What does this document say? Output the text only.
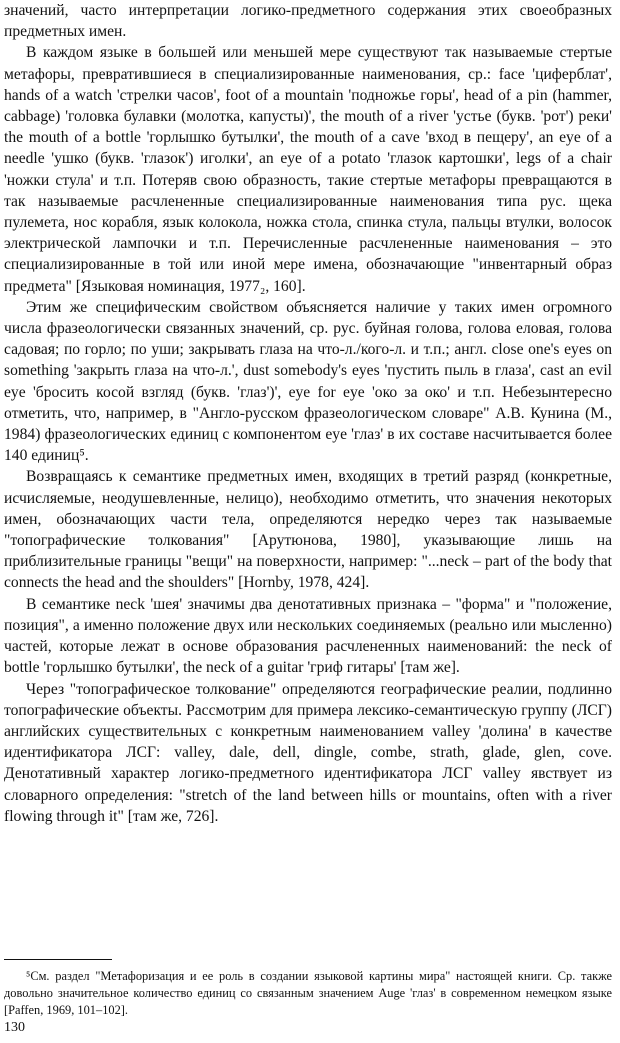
значений, часто интерпретации логико-предметного содержания этих своеобразных предметных имен.

В каждом языке в большей или меньшей мере существуют так называемые стертые метафоры, превратившиеся в специализированные наименования, ср.: face 'циферблат', hands of a watch 'стрелки часов', foot of a mountain 'подножье горы', head of a pin (hammer, cabbage) 'головка булавки (молотка, капусты)', the mouth of a river 'устье (букв. 'рот') реки' the mouth of a bottle 'горлышко бутылки', the mouth of a cave 'вход в пещеру', an eye of a needle 'ушко (букв. 'глазок') иголки', an eye of a potato 'глазок картошки', legs of a chair 'ножки стула' и т.п. Потеряв свою образность, такие стертые метафоры превращаются в так называемые расчлененные специализированные наименования типа рус. щека пулемета, нос корабля, язык колокола, ножка стола, спинка стула, пальцы втулки, волосок электрической лампочки и т.п. Перечисленные расчлененные наименования – это специализированные в той или иной мере имена, обозначающие "инвентарный образ предмета" [Языковая номинация, 1977₂, 160].

Этим же специфическим свойством объясняется наличие у таких имен огромного числа фразеологически связанных значений, ср. рус. буйная голова, голова еловая, голова садовая; по горло; по уши; закрывать глаза на что-л./кого-л. и т.п.; англ. close one's eyes on something 'закрыть глаза на что-л.', dust somebody's eyes 'пустить пыль в глаза', cast an evil eye 'бросить косой взгляд (букв. 'глаз')', eye for eye 'око за око' и т.п. Небезынтересно отметить, что, например, в "Англо-русском фразеологическом словаре" А.В. Кунина (М., 1984) фразеологических единиц с компонентом eye 'глаз' в их составе насчитывается более 140 единиц⁵.

Возвращаясь к семантике предметных имен, входящих в третий разряд (конкретные, исчисляемые, неодушевленные, нелицо), необходимо отметить, что значения некоторых имен, обозначающих части тела, определяются нередко через так называемые "топографические толкования" [Арутюнова, 1980], указывающие лишь на приблизительные границы "вещи" на поверхности, например: "...neck – part of the body that connects the head and the shoulders" [Hornby, 1978, 424].

В семантике neck 'шея' значимы два денотативных признака – "форма" и "положение, позиция", а именно положение двух или нескольких соединяемых (реально или мысленно) частей, которые лежат в основе образования расчлененных наименований: the neck of bottle 'горлышко бутылки', the neck of a guitar 'гриф гитары' [там же].

Через "топографическое толкование" определяются географические реалии, подлинно топографические объекты. Рассмотрим для примера лексико-семантическую группу (ЛСГ) английских существительных с конкретным наименованием valley 'долина' в качестве идентификатора ЛСГ: valley, dale, dell, dingle, combe, strath, glade, glen, cove. Денотативный характер логико-предметного идентификатора ЛСГ valley явствует из словарного определения: "stretch of the land between hills or mountains, often with a river flowing through it" [там же, 726].

⁵См. раздел "Метафоризация и ее роль в создании языковой картины мира" настоящей книги. Ср. также довольно значительное количество единиц со связанным значением Auge 'глаз' в современном немецком языке [Paffen, 1969, 101–102].

130
